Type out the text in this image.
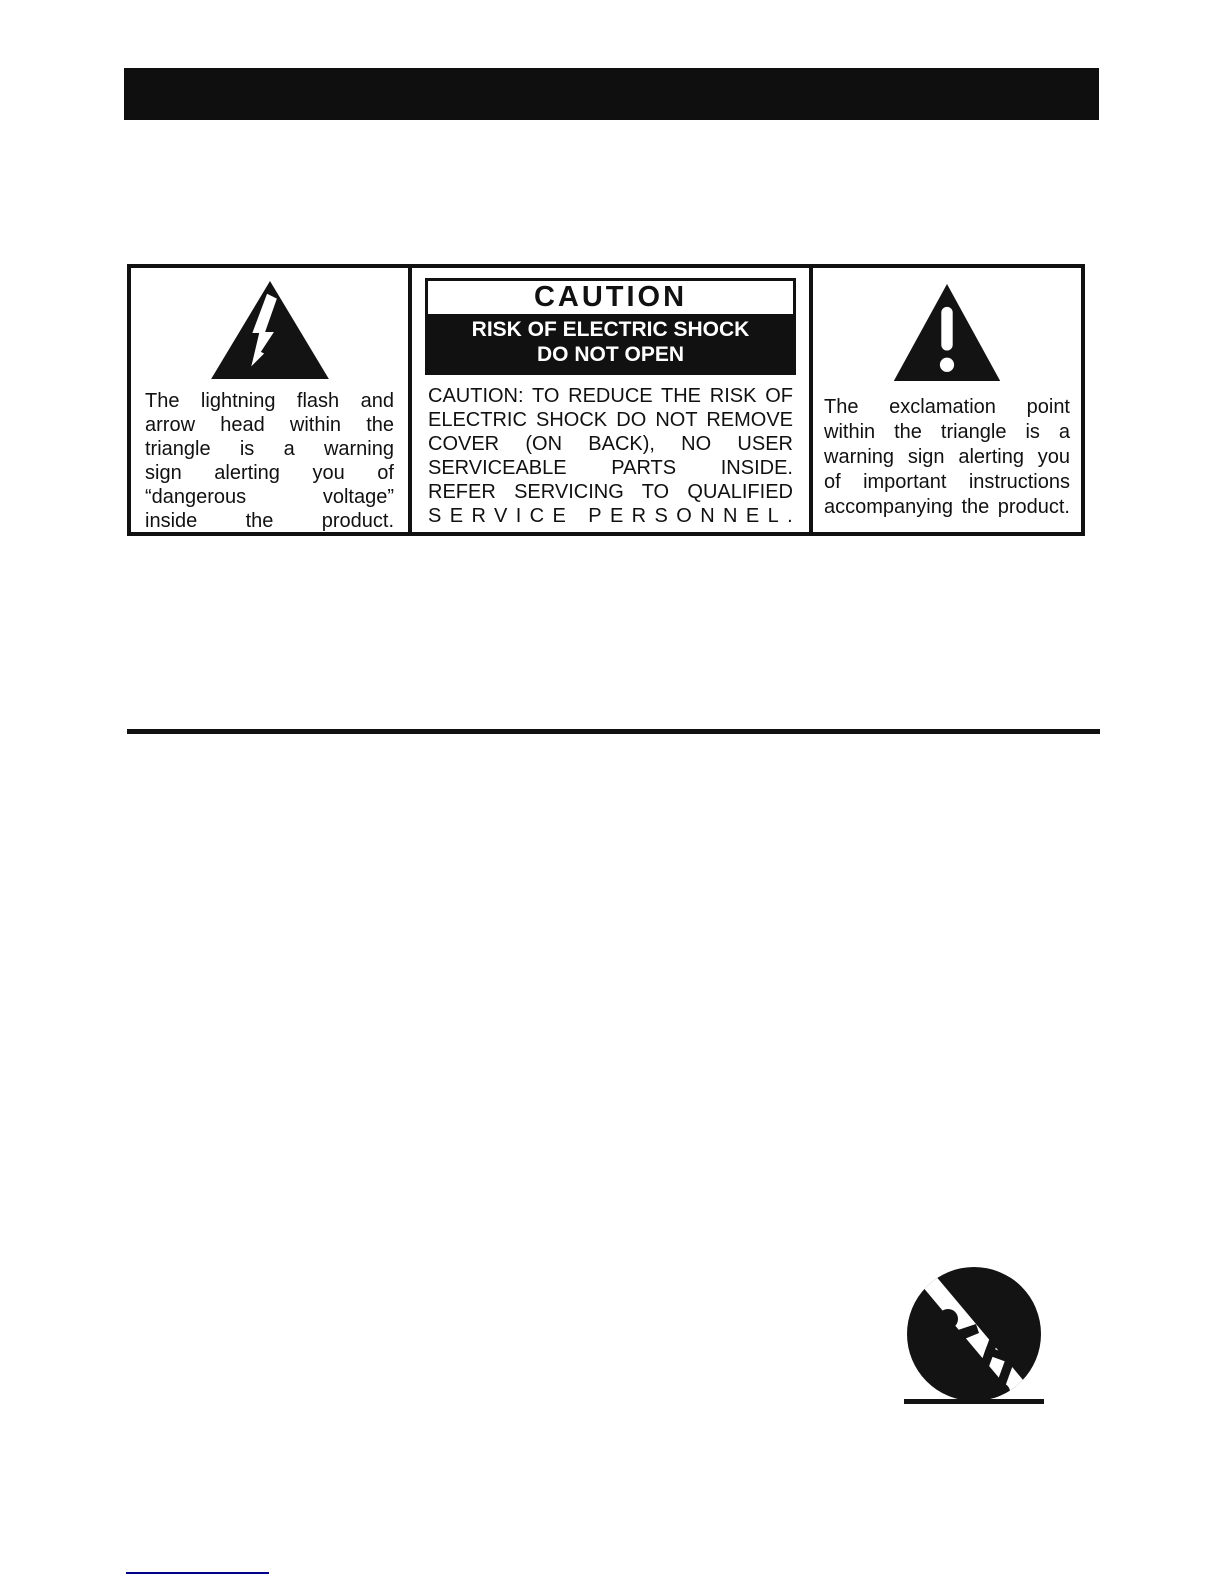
The lightning flash and
arrow head within the
triangle is a warning
sign alerting you of
“dangerous voltage”
inside the product.
CAUTION
RISK OF ELECTRIC SHOCK
DO NOT OPEN
CAUTION: TO REDUCE THE RISK OF
ELECTRIC SHOCK DO NOT REMOVE
COVER (ON BACK), NO USER
SERVICEABLE PARTS INSIDE.
REFER SERVICING TO QUALIFIED
SERVICE PERSONNEL.
The exclamation point
within the triangle is a
warning sign alerting you
of important instructions
accompanying the product.
